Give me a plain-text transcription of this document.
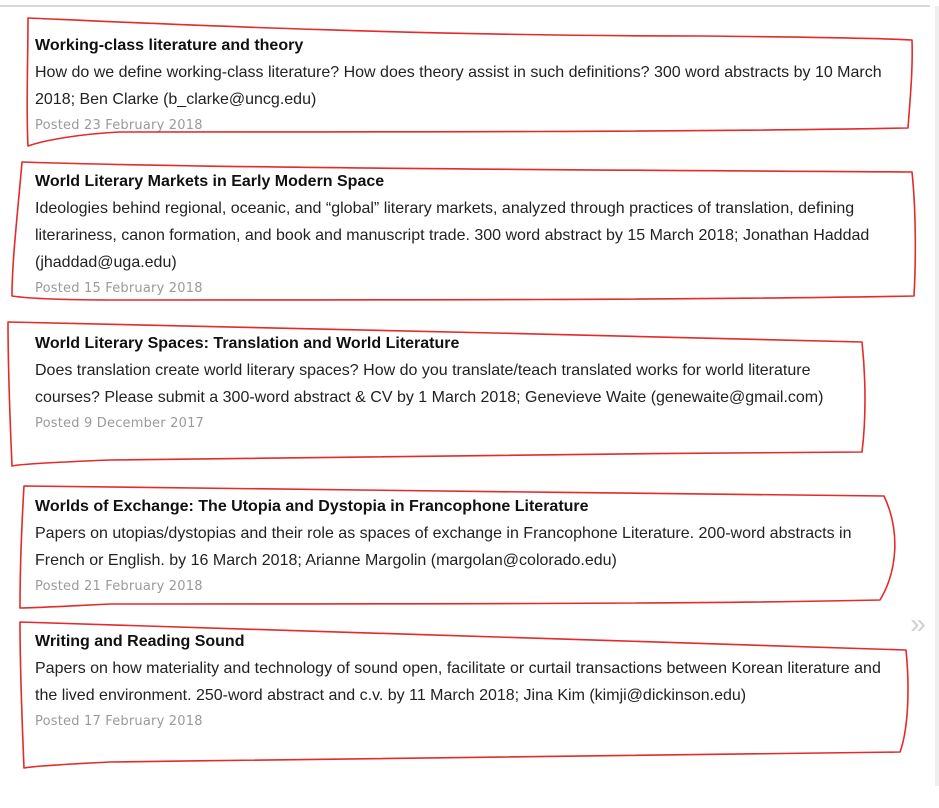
Working-class literature and theory
How do we define working-class literature? How does theory assist in such definitions? 300 word abstracts by 10 March 2018; Ben Clarke (b_clarke@uncg.edu)
Posted 23 February 2018
World Literary Markets in Early Modern Space
Ideologies behind regional, oceanic, and “global” literary markets, analyzed through practices of translation, defining literariness, canon formation, and book and manuscript trade. 300 word abstract by 15 March 2018; Jonathan Haddad (jhaddad@uga.edu)
Posted 15 February 2018
World Literary Spaces: Translation and World Literature
Does translation create world literary spaces? How do you translate/teach translated works for world literature courses? Please submit a 300-word abstract & CV by 1 March 2018; Genevieve Waite (genewaite@gmail.com)
Posted 9 December 2017
Worlds of Exchange: The Utopia and Dystopia in Francophone Literature
Papers on utopias/dystopias and their role as spaces of exchange in Francophone Literature. 200-word abstracts in French or English. by 16 March 2018; Arianne Margolin (margolan@colorado.edu)
Posted 21 February 2018
Writing and Reading Sound
Papers on how materiality and technology of sound open, facilitate or curtail transactions between Korean literature and the lived environment. 250-word abstract and c.v. by 11 March 2018; Jina Kim (kimji@dickinson.edu)
Posted 17 February 2018
»
